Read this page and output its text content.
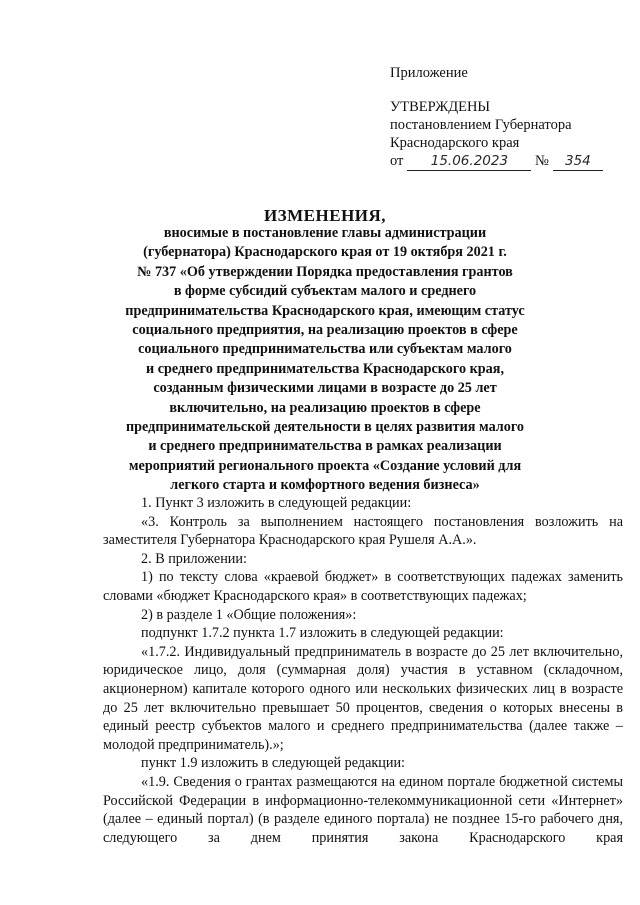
Приложение
УТВЕРЖДЕНЫ
постановлением Губернатора
Краснодарского края
от 15.06.2023 № 354
ИЗМЕНЕНИЯ,
вносимые в постановление главы администрации
(губернатора) Краснодарского края от 19 октября 2021 г.
№ 737 «Об утверждении Порядка предоставления грантов
в форме субсидий субъектам малого и среднего
предпринимательства Краснодарского края, имеющим статус
социального предприятия, на реализацию проектов в сфере
социального предпринимательства или субъектам малого
и среднего предпринимательства Краснодарского края,
созданным физическими лицами в возрасте до 25 лет
включительно, на реализацию проектов в сфере
предпринимательской деятельности в целях развития малого
и среднего предпринимательства в рамках реализации
мероприятий регионального проекта «Создание условий для
легкого старта и комфортного ведения бизнеса»

1. Пункт 3 изложить в следующей редакции:

«3. Контроль за выполнением настоящего постановления возложить на заместителя Губернатора Краснодарского края Рушеля А.А.».

2. В приложении:

1) по тексту слова «краевой бюджет» в соответствующих падежах заменить словами «бюджет Краснодарского края» в соответствующих падежах;

2) в разделе 1 «Общие положения»:

подпункт 1.7.2 пункта 1.7 изложить в следующей редакции:

«1.7.2. Индивидуальный предприниматель в возрасте до 25 лет включительно, юридическое лицо, доля (суммарная доля) участия в уставном (складочном, акционерном) капитале которого одного или нескольких физических лиц в возрасте до 25 лет включительно превышает 50 процентов, сведения о которых внесены в единый реестр субъектов малого и среднего предпринимательства (далее также – молодой предприниматель).»;

пункт 1.9 изложить в следующей редакции:

«1.9. Сведения о грантах размещаются на едином портале бюджетной системы Российской Федерации в информационно-телекоммуникационной сети «Интернет» (далее – единый портал) (в разделе единого портала) не позднее 15-го рабочего дня, следующего за днем принятия закона Краснодарского края
